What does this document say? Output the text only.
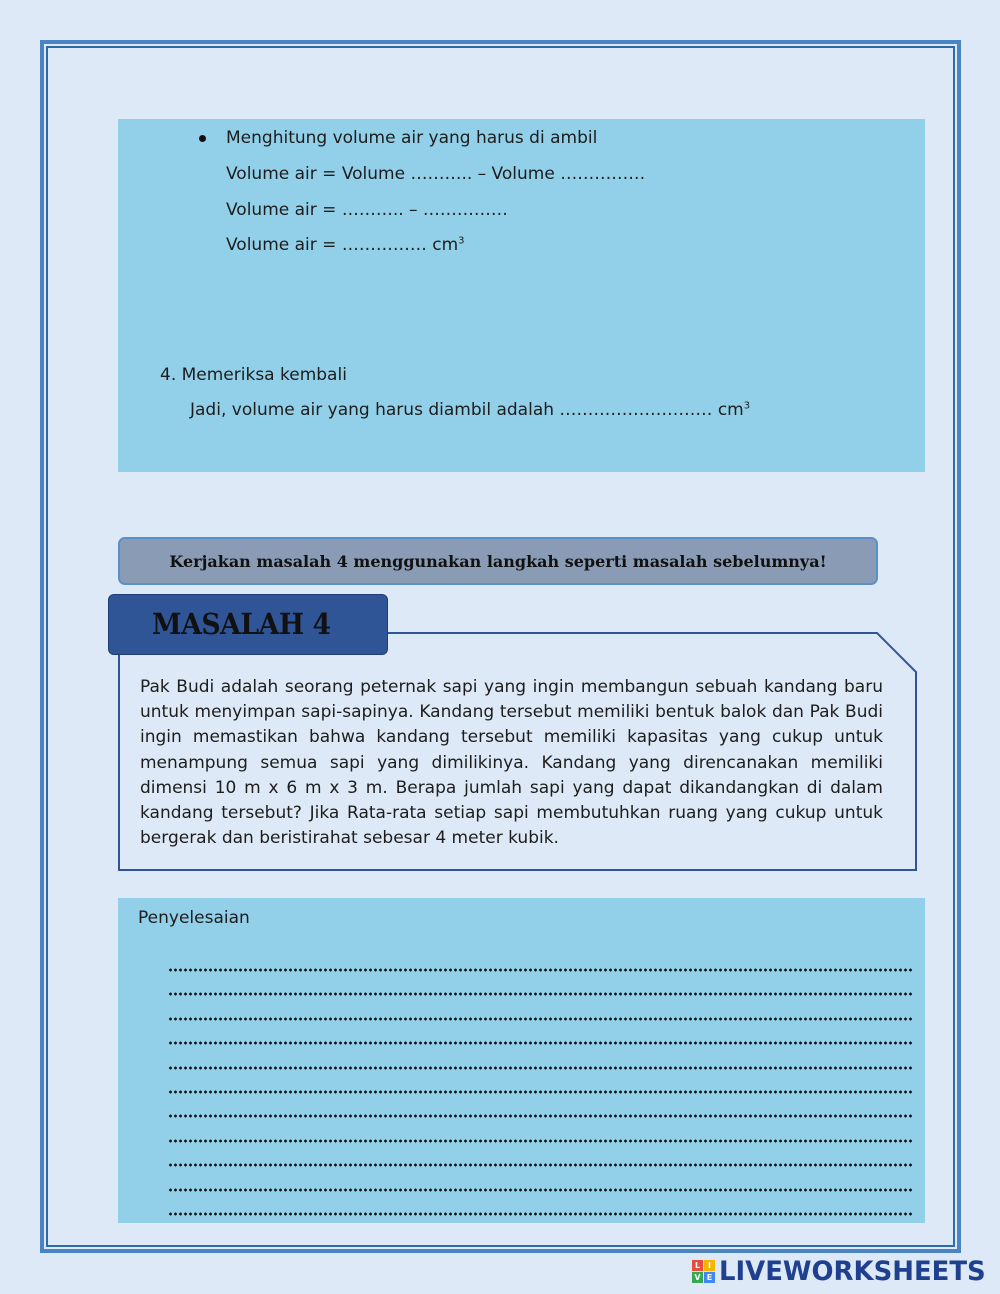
Menghitung volume air yang harus di ambil
Volume air = Volume ……….. – Volume ……………
Volume air = ……….. – ……………
Volume air = …………… $cm^3$
4. Memeriksa kembali
Jadi, volume air yang harus diambil adalah ……………………… $cm^3$
Kerjakan masalah 4 menggunakan langkah seperti masalah sebelumnya!
MASALAH 4
Pak Budi adalah seorang peternak sapi yang ingin membangun sebuah kandang baru untuk menyimpan sapi-sapinya. Kandang tersebut memiliki bentuk balok dan Pak Budi ingin memastikan bahwa kandang tersebut memiliki kapasitas yang cukup untuk menampung semua sapi yang dimilikinya. Kandang yang direncanakan memiliki dimensi 10 m x 6 m x 3 m. Berapa jumlah sapi yang dapat dikandangkan di dalam kandang tersebut? Jika Rata-rata setiap sapi membutuhkan ruang yang cukup untuk bergerak dan beristirahat sebesar 4 meter kubik.
Penyelesaian
L I
V E LIVEWORKSHEETS
